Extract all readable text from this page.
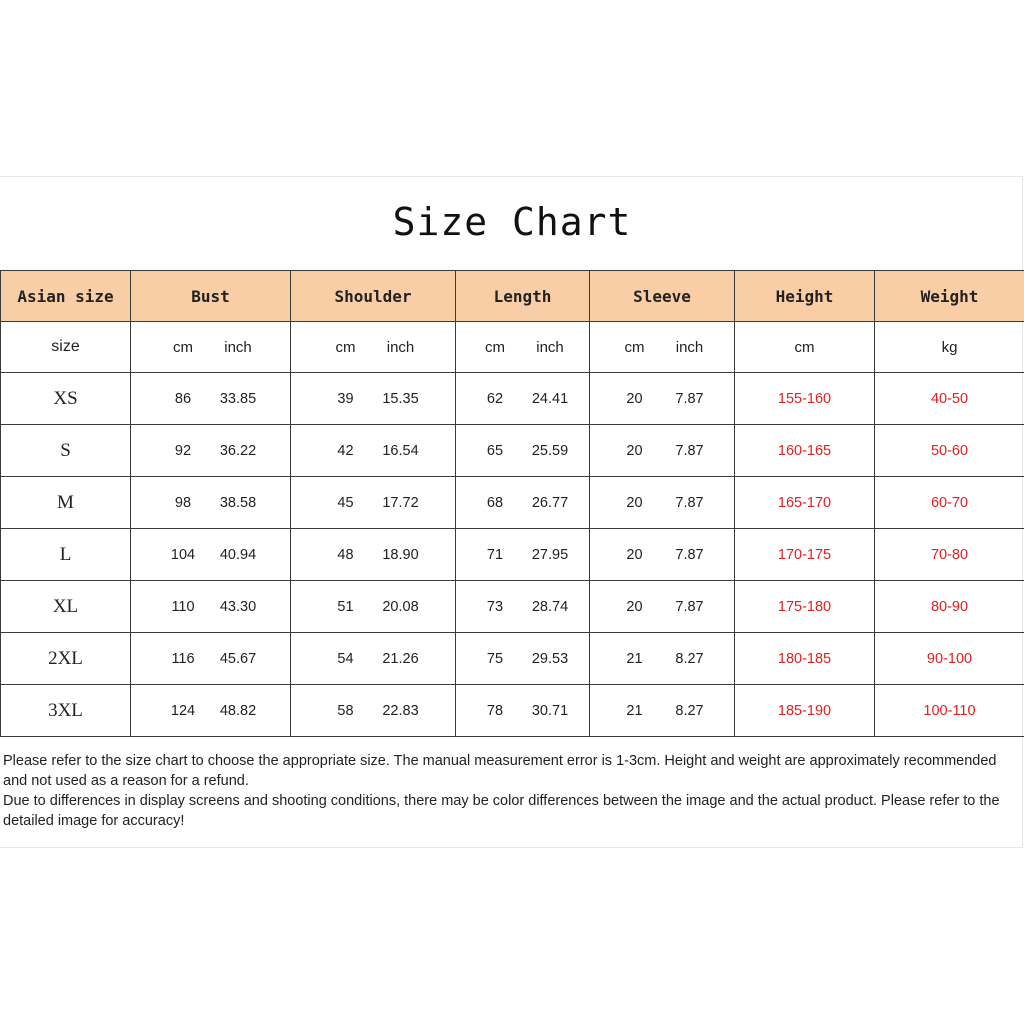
Size Chart
Asian size	Bust	Shoulder	Length	Sleeve	Height	Weight
size	cm inch	cm inch	cm inch	cm inch	cm	kg
XS	86 33.85	39 15.35	62 24.41	20 7.87	155-160	40-50
S	92 36.22	42 16.54	65 25.59	20 7.87	160-165	50-60
M	98 38.58	45 17.72	68 26.77	20 7.87	165-170	60-70
L	104 40.94	48 18.90	71 27.95	20 7.87	170-175	70-80
XL	110 43.30	51 20.08	73 28.74	20 7.87	175-180	80-90
2XL	116 45.67	54 21.26	75 29.53	21 8.27	180-185	90-100
3XL	124 48.82	58 22.83	78 30.71	21 8.27	185-190	100-110

Please refer to the size chart to choose the appropriate size. The manual measurement error is 1-3cm. Height and weight are approximately recommended and not used as a reason for a refund.

Due to differences in display screens and shooting conditions, there may be color differences between the image and the actual product. Please refer to the detailed image for accuracy!
